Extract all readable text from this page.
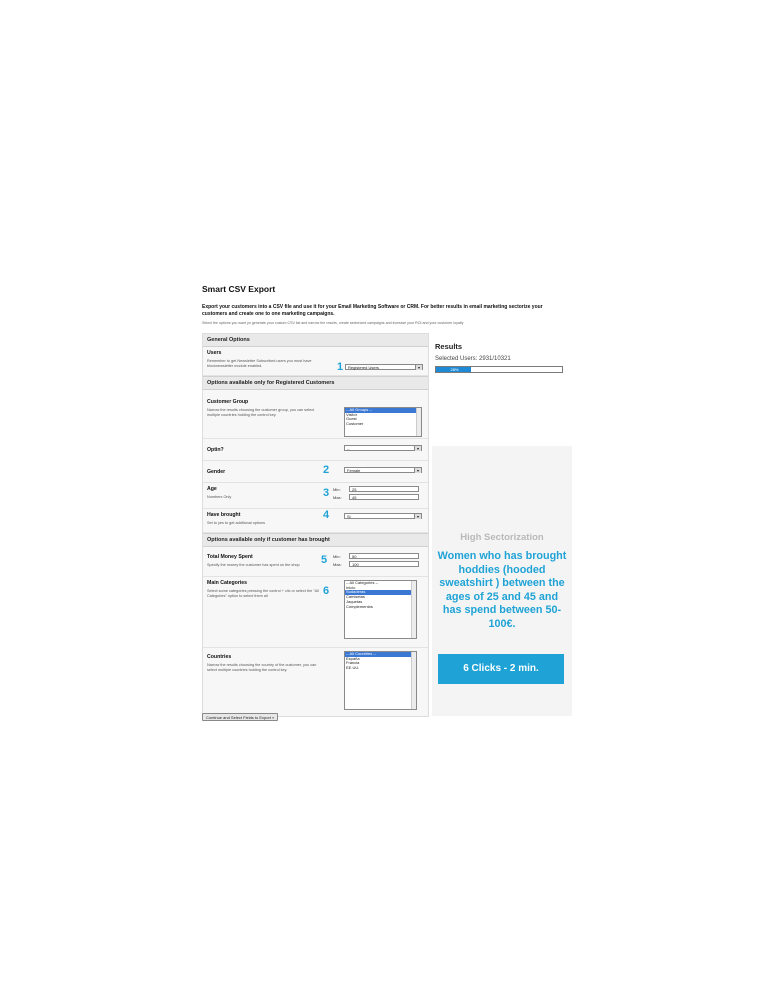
Smart CSV Export

Export your customers into a CSV file and use it for your Email Marketing Software or CRM. For better results in email marketing sectorize your customers and create one to one marketing campaigns.

Select the options you want yo generate your custom CSV list and narrow the results, create sectorized campaigns and increase your ROI and your customer loyalty

General Options
Users
Remember to get Newsletter Subscribed users you must have blocknewsletter module enabled.	1	Registered Users	▾
Options available only for Registered Customers
Customer Group
Narrow the results choosing the customer group, you can select multiple countries holding the control key.
-- All Groups --
Visitor
Guest
Customer
Optin?	--	▾
Gender	2	Female	▾
Age
Numbers Only	3 Min:	25
Max:	45
Have brought
Set to yes to get additional options
4	Si	▾
Options available only if customer has brought
Total Money Spent
Specify the money the customer has spent on the shop	5 Min:	50
Max:	100
Main Categories
Select some categories pressing the control + clic or select the "All Categories" option to select them all	6
-- All Categories --
Inicio
Sudaderas
Camisetas
Jaquetas
Complementos
Countries
Narrow the results choosing the country of the customer, you can select multiple countries holding the control key.
-- All Countries --
España
Francia
EE.UU.
Continue and Select Fields to Export »
Results
Selected Users: 2931/10321
28%
High Sectorization
Women who has brought hoddies (hooded sweatshirt ) between the ages of 25 and 45 and has spend between 50-100€.
6 Clicks - 2 min.
